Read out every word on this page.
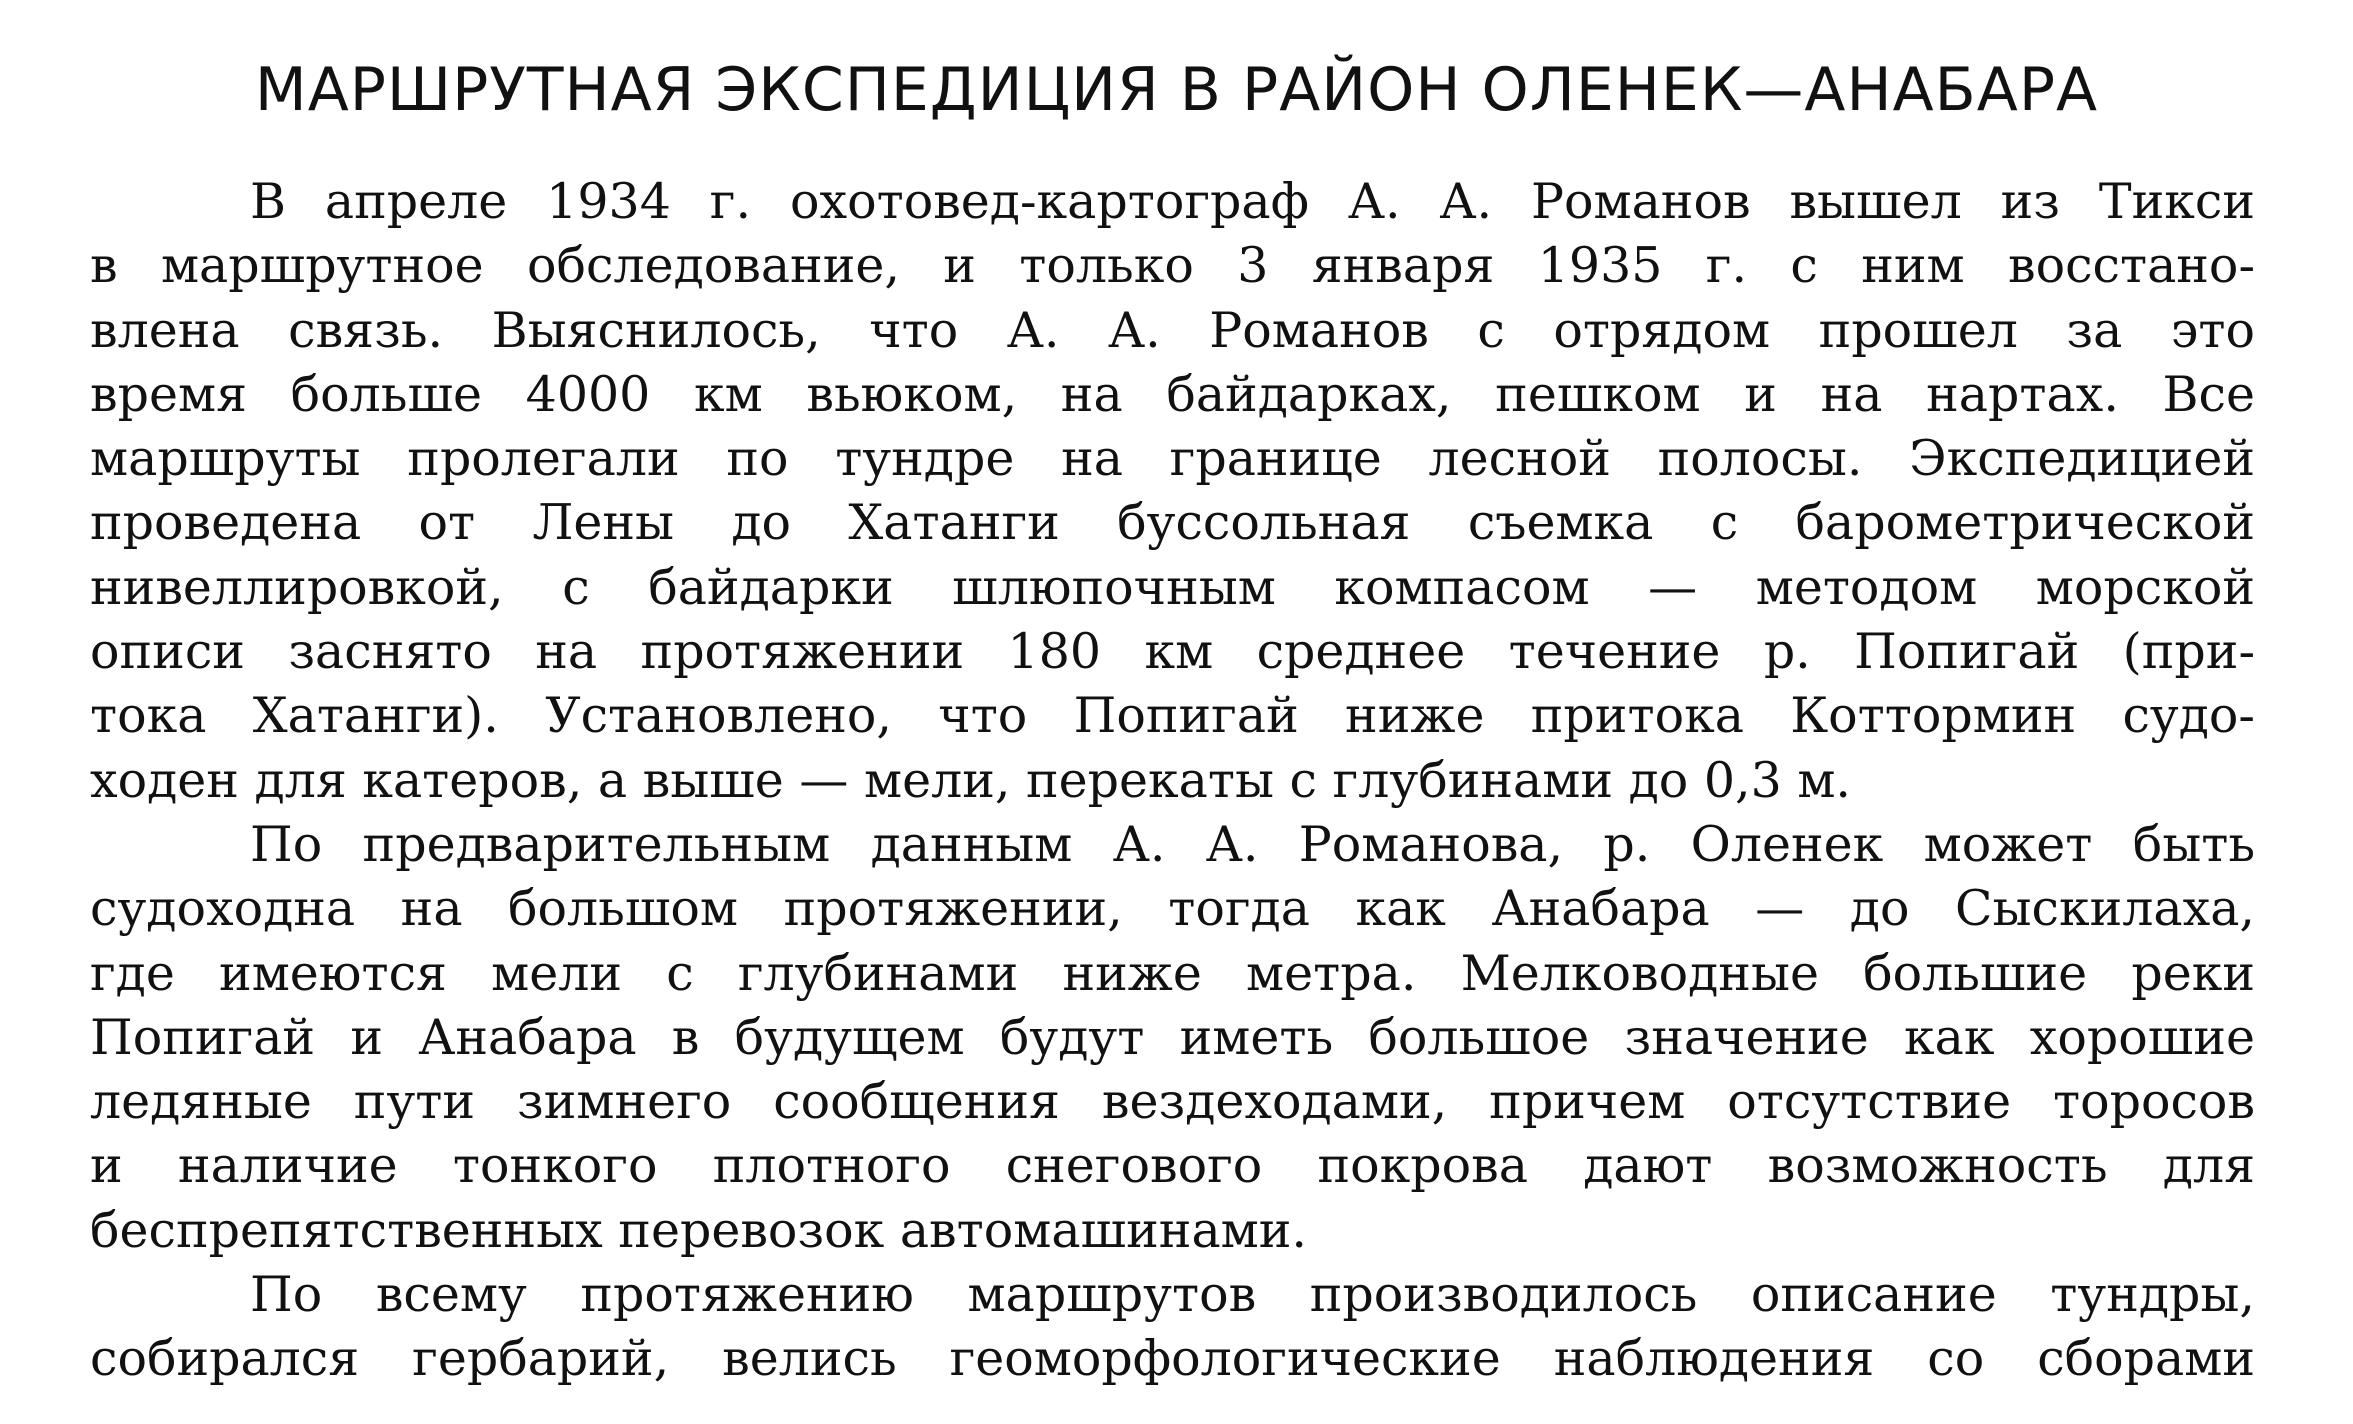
МАРШРУТНАЯ ЭКСПЕДИЦИЯ В РАЙОН ОЛЕНЕК—АНАБАРА
В апреле 1934 г. охотовед-картограф А. А. Романов вышел из Тикси
в маршрутное обследование, и только 3 января 1935 г. с ним восстано-
влена связь. Выяснилось, что А. А. Романов с отрядом прошел за это
время больше 4000 км вьюком, на байдарках, пешком и на нартах. Все
маршруты пролегали по тундре на границе лесной полосы. Экспедицией
проведена от Лены до Хатанги буссольная съемка с барометрической
нивеллировкой, с байдарки шлюпочным компасом — методом морской
описи заснято на протяжении 180 км среднее течение р. Попигай (при-
тока Хатанги). Установлено, что Попигай ниже притока Коттормин судо-
ходен для катеров, а выше — мели, перекаты с глубинами до 0,3 м.
По предварительным данным А. А. Романова, р. Оленек может быть
судоходна на большом протяжении, тогда как Анабара — до Сыскилаха,
где имеются мели с глубинами ниже метра. Мелководные большие реки
Попигай и Анабара в будущем будут иметь большое значение как хорошие
ледяные пути зимнего сообщения вездеходами, причем отсутствие торосов
и наличие тонкого плотного снегового покрова дают возможность для
беспрепятственных перевозок автомашинами.
По всему протяжению маршрутов производилось описание тундры,
собирался гербарий, велись геоморфологические наблюдения со сборами
